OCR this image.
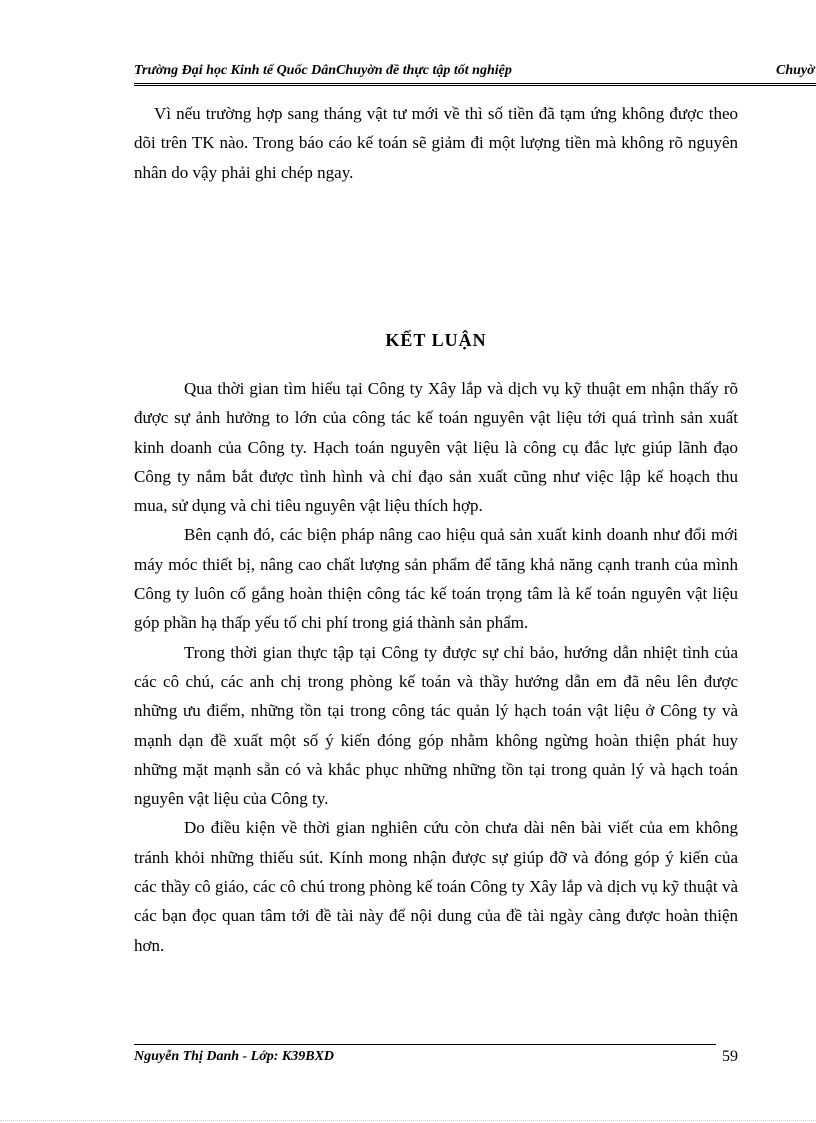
Trường Đại học Kinh tế Quốc DânChuyờn đề thực tập tốt nghiệp	Chuyờ

Vì nếu trường hợp sang tháng vật tư mới về thì số tiền đã tạm ứng không được theo dõi trên TK nào. Trong báo cáo kế toán sẽ giảm đi một lượng tiền mà không rõ nguyên nhân do vậy phải ghi chép ngay.

KẾT LUẬN

Qua thời gian tìm hiểu tại Công ty Xây lắp và dịch vụ kỹ thuật em nhận thấy rõ được sự ảnh hưởng to lớn của công tác kế toán nguyên vật liệu tới quá trình sản xuất kinh doanh của Công ty. Hạch toán nguyên vật liệu là công cụ đắc lực giúp lãnh đạo Công ty nắm bắt được tình hình và chỉ đạo sản xuất cũng như việc lập kế hoạch thu mua, sử dụng và chi tiêu nguyên vật liệu thích hợp.

Bên cạnh đó, các biện pháp nâng cao hiệu quả sản xuất kinh doanh như đổi mới máy móc thiết bị, nâng cao chất lượng sản phẩm để tăng khả năng cạnh tranh của mình Công ty luôn cố gắng hoàn thiện công tác kế toán trọng tâm là kế toán nguyên vật liệu góp phần hạ thấp yếu tố chi phí trong giá thành sản phẩm.

Trong thời gian thực tập tại Công ty được sự chỉ bảo, hướng dẫn nhiệt tình của các cô chú, các anh chị trong phòng kế toán và thầy hướng dẫn em đã nêu lên được những ưu điểm, những tồn tại trong công tác quản lý hạch toán vật liệu ở Công ty và mạnh dạn đề xuất một số ý kiến đóng góp nhằm không ngừng hoàn thiện phát huy những mặt mạnh sẵn có và khắc phục những những tồn tại trong quản lý và hạch toán nguyên vật liệu của Công ty.

Do điều kiện về thời gian nghiên cứu còn chưa dài nên bài viết của em không tránh khỏi những thiếu sút. Kính mong nhận được sự giúp đỡ và đóng góp ý kiến của các thầy cô giáo, các cô chú trong phòng kế toán Công ty Xây lắp và dịch vụ kỹ thuật và các bạn đọc quan tâm tới đề tài này để nội dung của đề tài ngày càng được hoàn thiện hơn.

Nguyễn Thị Danh - Lớp: K39BXD	59
